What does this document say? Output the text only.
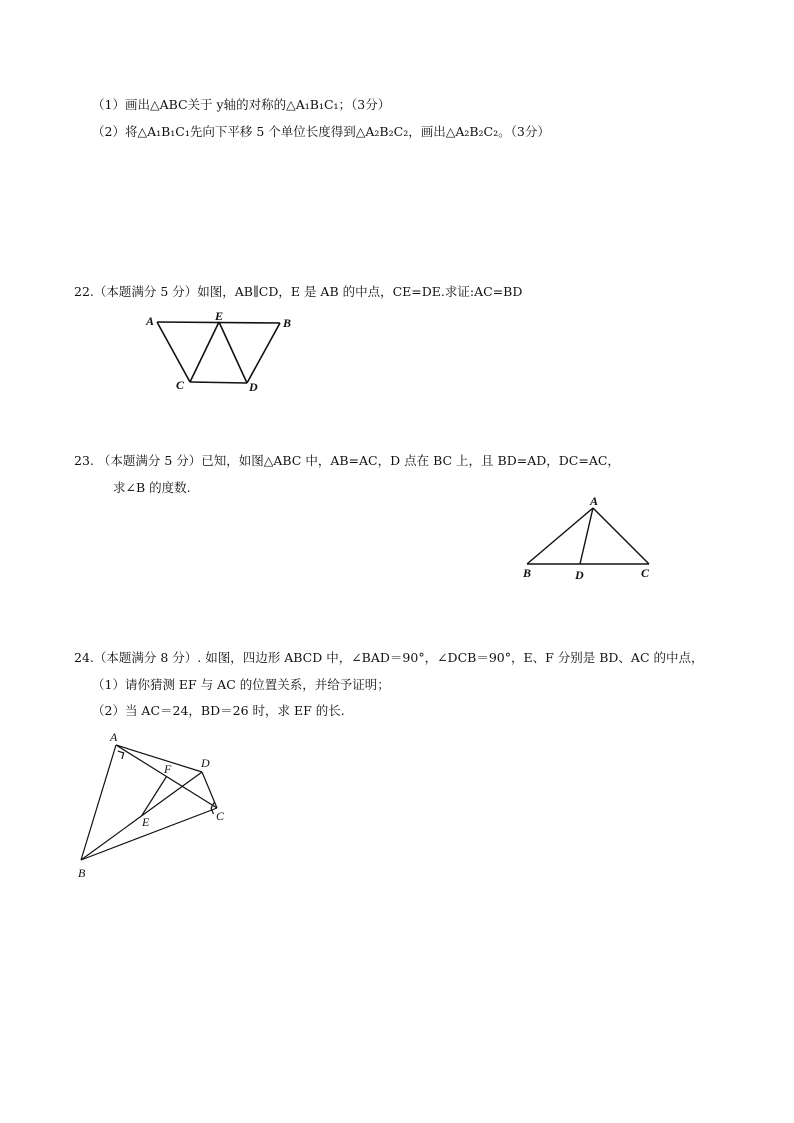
（1）画出△ABC关于 y轴的对称的△A₁B₁C₁；（3分）
（2）将△A₁B₁C₁先向下平移 5 个单位长度得到△A₂B₂C₂，画出△A₂B₂C₂。（3分）
22.（本题满分 5 分）如图，AB∥CD，E 是 AB 的中点，CE=DE.求证:AC=BD
A	E	B
C	D
23. （本题满分 5 分）已知，如图△ABC 中，AB=AC，D 点在 BC 上，且 BD=AD，DC=AC，
求∠B 的度数.
A
B	D	C
24.（本题满分 8 分）. 如图，四边形 ABCD 中，∠BAD＝90°，∠DCB＝90°，E、F 分别是 BD、AC 的中点，
（1）请你猜测 EF 与 AC 的位置关系，并给予证明；
（2）当 AC＝24，BD＝26 时，求 EF 的长.
A
D
F
E	C
B
